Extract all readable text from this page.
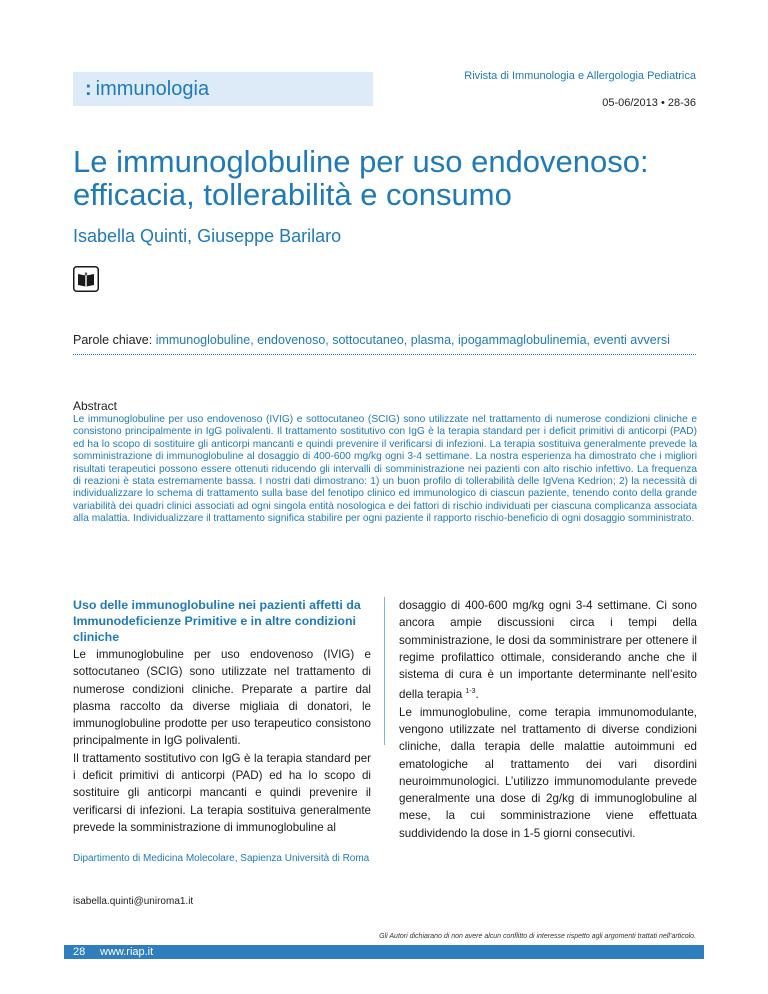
: immunologia
Rivista di Immunologia e Allergologia Pediatrica
05-06/2013 • 28-36
Le immunoglobuline per uso endovenoso: efficacia, tollerabilità e consumo
Isabella Quinti, Giuseppe Barilaro
Parole chiave: immunoglobuline, endovenoso, sottocutaneo, plasma, ipogammaglobulinemia, eventi avversi
Abstract

Le immunoglobuline per uso endovenoso (IVIG) e sottocutaneo (SCIG) sono utilizzate nel trattamento di numerose condizioni cliniche e consistono principalmente in IgG polivalenti. Il trattamento sostitutivo con IgG è la terapia standard per i deficit primitivi di anticorpi (PAD) ed ha lo scopo di sostituire gli anticorpi mancanti e quindi prevenire il verificarsi di infezioni. La terapia sostituiva generalmente prevede la somministrazione di immunoglobuline al dosaggio di 400-600 mg/kg ogni 3-4 settimane. La nostra esperienza ha dimostrato che i migliori risultati terapeutici possono essere ottenuti riducendo gli intervalli di somministrazione nei pazienti con alto rischio infettivo. La frequenza di reazioni è stata estremamente bassa. I nostri dati dimostrano: 1) un buon profilo di tollerabilità delle IgVena Kedrion; 2) la necessità di individualizzare lo schema di trattamento sulla base del fenotipo clinico ed immunologico di ciascun paziente, tenendo conto della grande variabilità dei quadri clinici associati ad ogni singola entità nosologica e dei fattori di rischio individuati per ciascuna complicanza associata alla malattia. Individualizzare il trattamento significa stabilire per ogni paziente il rapporto rischio-beneficio di ogni dosaggio somministrato.

Uso delle immunoglobuline nei pazienti affetti da Immunodeficienze Primitive e in altre condizioni cliniche

Le immunoglobuline per uso endovenoso (IVIG) e sottocutaneo (SCIG) sono utilizzate nel trattamento di numerose condizioni cliniche. Preparate a partire dal plasma raccolto da diverse migliaia di donatori, le immunoglobuline prodotte per uso terapeutico consistono principalmente in IgG polivalenti.

Il trattamento sostitutivo con IgG è la terapia standard per i deficit primitivi di anticorpi (PAD) ed ha lo scopo di sostituire gli anticorpi mancanti e quindi prevenire il verificarsi di infezioni. La terapia sostituiva generalmente prevede la somministrazione di immunoglobuline al

dosaggio di 400-600 mg/kg ogni 3-4 settimane. Ci sono ancora ampie discussioni circa i tempi della somministrazione, le dosi da somministrare per ottenere il regime profilattico ottimale, considerando anche che il sistema di cura è un importante determinante nell’esito della terapia $^{1-3}$.

Le immunoglobuline, come terapia immunomodulante, vengono utilizzate nel trattamento di diverse condizioni cliniche, dalla terapia delle malattie autoimmuni ed ematologiche al trattamento dei vari disordini neuroimmunologici. L’utilizzo immunomodulante prevede generalmente una dose di 2g/kg di immunoglobuline al mese, la cui somministrazione viene effettuata suddividendo la dose in 1-5 giorni consecutivi.

Dipartimento di Medicina Molecolare, Sapienza Università di Roma
isabella.quinti@uniroma1.it
Gli Autori dichiarano di non avere alcun conflitto di interesse rispetto agli argomenti trattati nell’articolo.
28 www.riap.it
